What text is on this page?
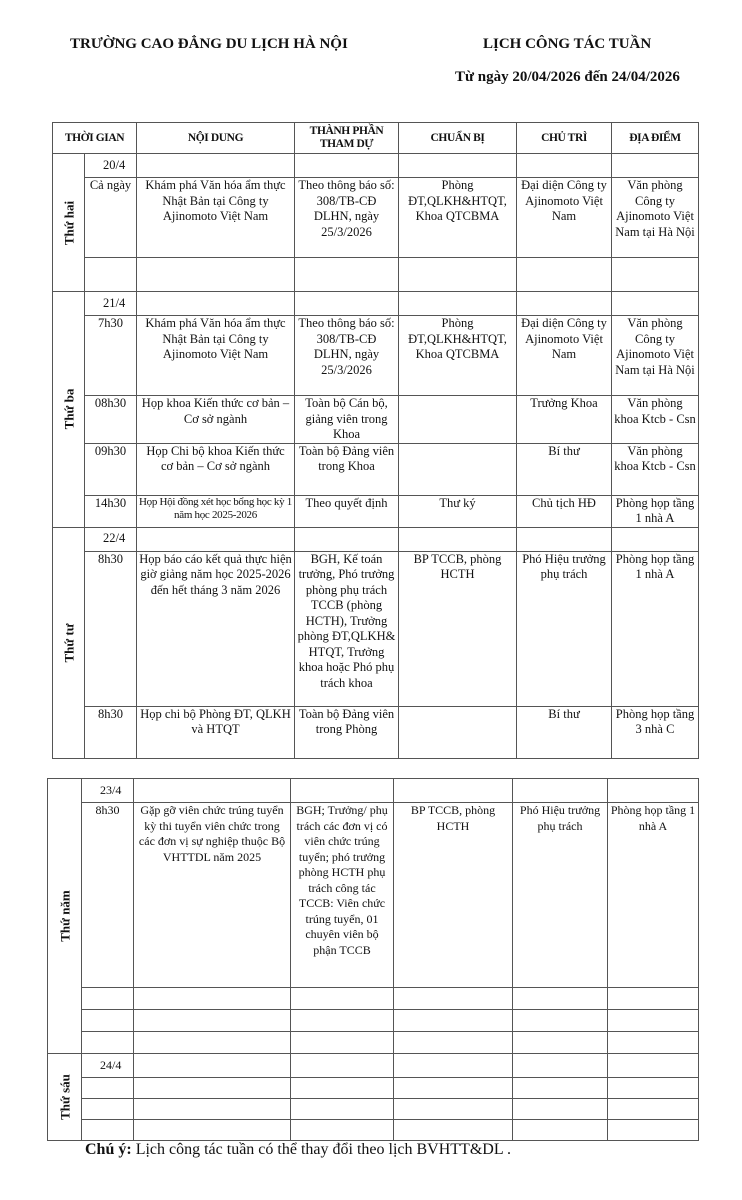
TRƯỜNG CAO ĐẲNG DU LỊCH HÀ NỘI	LỊCH CÔNG TÁC TUẦN
Từ ngày 20/04/2026 đến 24/04/2026
THỜI GIAN		NỘI DUNG	THÀNH PHẦN THAM DỰ	CHUẨN BỊ	CHỦ TRÌ	ĐỊA ĐIỂM

Thứ hai	20/4					
	Cả ngày	Khám phá Văn hóa ẩm thực Nhật Bản tại Công ty Ajinomoto Việt Nam	Theo thông báo số: 308/TB-CĐ DLHN, ngày 25/3/2026	Phòng ĐT,QLKH&HTQT, Khoa QTCBMA	Đại diện Công ty Ajinomoto Việt Nam	Văn phòng Công ty Ajinomoto Việt Nam tại Hà Nội

Thứ ba	21/4					
	7h30	Khám phá Văn hóa ẩm thực Nhật Bản tại Công ty Ajinomoto Việt Nam	Theo thông báo số: 308/TB-CĐ DLHN, ngày 25/3/2026	Phòng ĐT,QLKH&HTQT, Khoa QTCBMA	Đại diện Công ty Ajinomoto Việt Nam	Văn phòng Công ty Ajinomoto Việt Nam tại Hà Nội
	08h30	Họp khoa Kiến thức cơ bản – Cơ sở ngành	Toàn bộ Cán bộ, giảng viên trong Khoa		Trưởng Khoa	Văn phòng khoa Ktcb - Csn
	09h30	Họp Chi bộ khoa Kiến thức cơ bản – Cơ sở ngành	Toàn bộ Đảng viên trong Khoa		Bí thư	Văn phòng khoa Ktcb - Csn
	14h30	Họp Hội đồng xét học bổng học kỳ 1 năm học 2025-2026	Theo quyết định	Thư ký	Chủ tịch HĐ	Phòng họp tầng 1 nhà A

Thứ tư	22/4					
	8h30	Họp báo cáo kết quả thực hiện giờ giảng năm học 2025-2026 đến hết tháng 3 năm 2026	BGH, Kế toán trưởng, Phó trưởng phòng phụ trách TCCB (phòng HCTH), Trưởng phòng ĐT,QLKH& HTQT, Trưởng khoa hoặc Phó phụ trách khoa	BP TCCB, phòng HCTH	Phó Hiệu trưởng phụ trách	Phòng họp tầng 1 nhà A
	8h30	Họp chi bộ Phòng ĐT, QLKH và HTQT	Toàn bộ Đảng viên trong Phòng		Bí thư	Phòng họp tầng 3 nhà C
Thứ năm	23/4					
	8h30	Gặp gỡ viên chức trúng tuyển kỳ thi tuyển viên chức trong các đơn vị sự nghiệp thuộc Bộ VHTTDL năm 2025	BGH; Trưởng/ phụ trách các đơn vị có viên chức trúng tuyển; phó trưởng phòng HCTH phụ trách công tác TCCB: Viên chức trúng tuyển, 01 chuyên viên bộ phận TCCB	BP TCCB, phòng HCTH	Phó Hiệu trưởng phụ trách	Phòng họp tầng 1 nhà A

Thứ sáu	24/4					

Chú ý: Lịch công tác tuần có thể thay đổi theo lịch BVHTT&DL .
